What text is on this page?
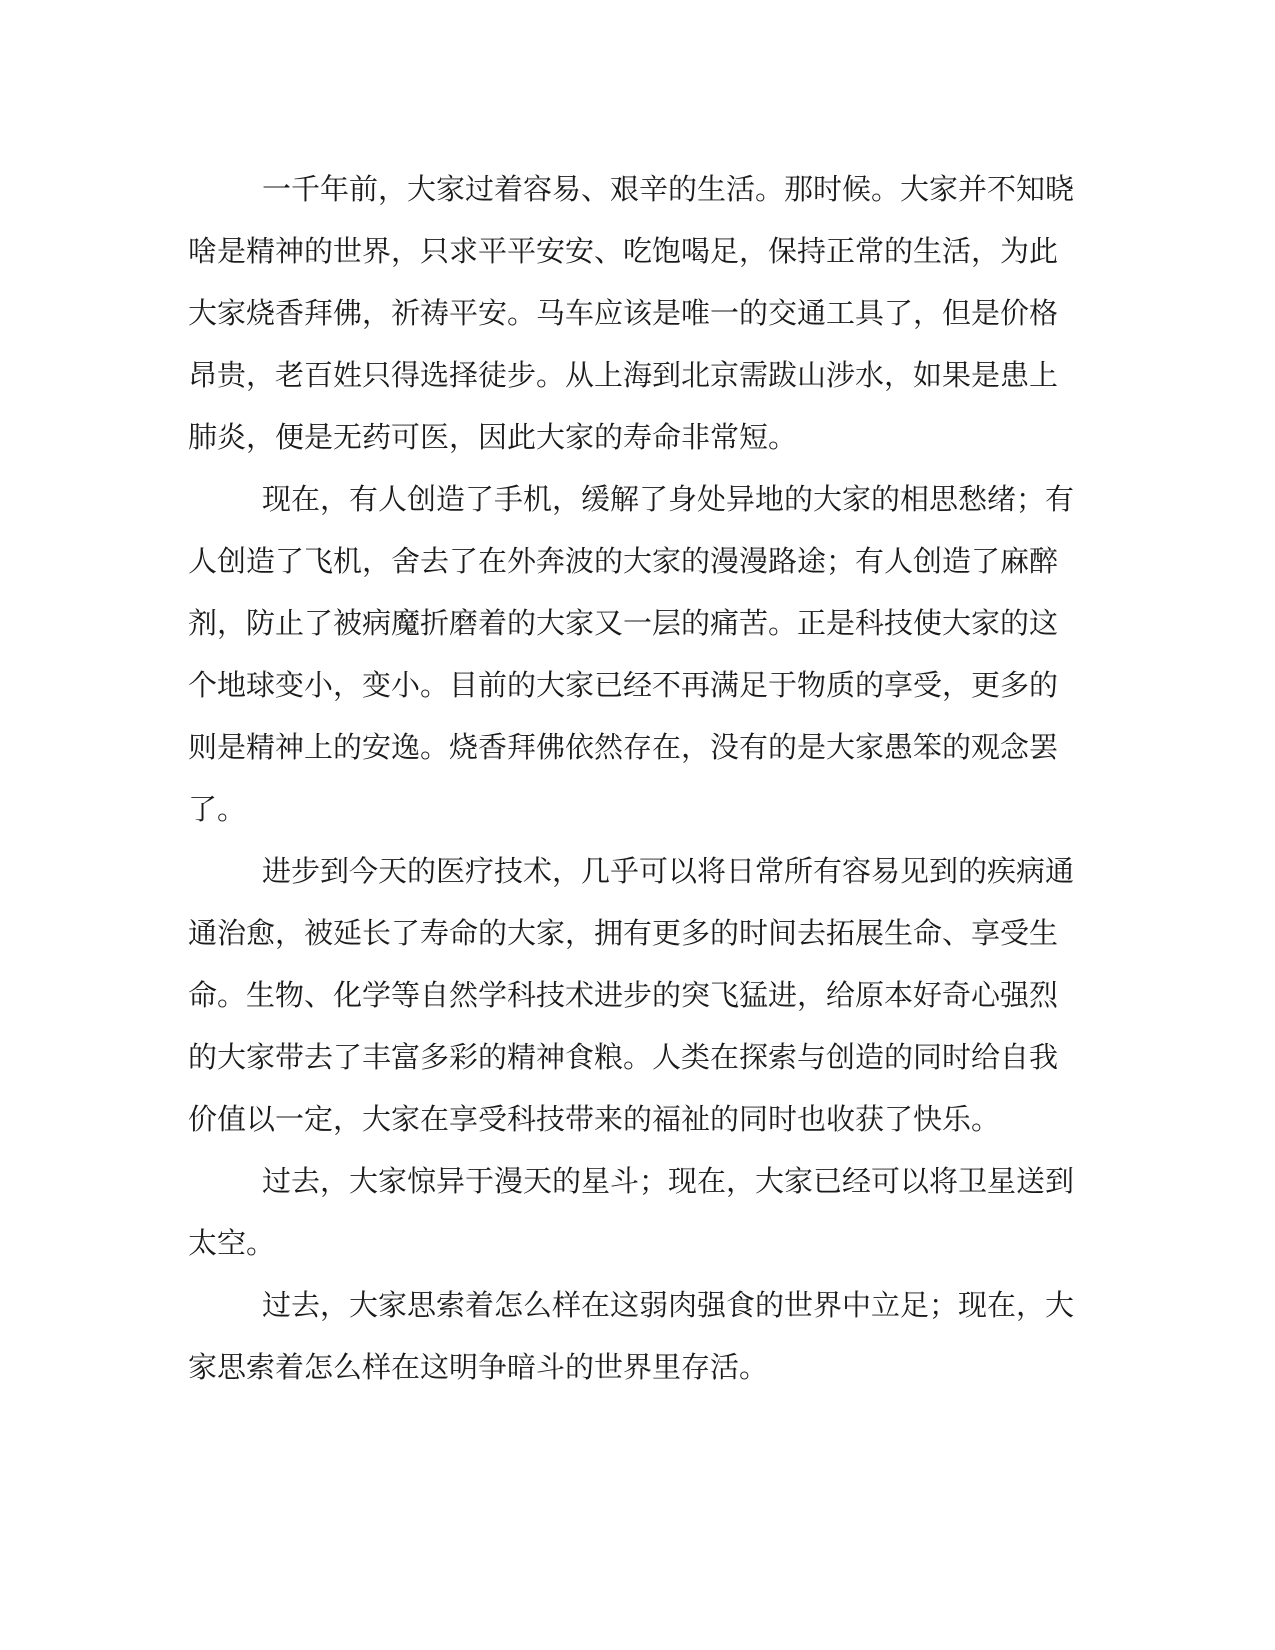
一千年前，大家过着容易、艰辛的生活。那时候。大家并不知晓啥是精神的世界，只求平平安安、吃饱喝足，保持正常的生活，为此大家烧香拜佛，祈祷平安。马车应该是唯一的交通工具了，但是价格昂贵，老百姓只得选择徒步。从上海到北京需跋山涉水，如果是患上肺炎，便是无药可医，因此大家的寿命非常短。

现在，有人创造了手机，缓解了身处异地的大家的相思愁绪；有人创造了飞机，舍去了在外奔波的大家的漫漫路途；有人创造了麻醉剂，防止了被病魔折磨着的大家又一层的痛苦。正是科技使大家的这个地球变小，变小。目前的大家已经不再满足于物质的享受，更多的则是精神上的安逸。烧香拜佛依然存在，没有的是大家愚笨的观念罢了。

进步到今天的医疗技术，几乎可以将日常所有容易见到的疾病通通治愈，被延长了寿命的大家，拥有更多的时间去拓展生命、享受生命。生物、化学等自然学科技术进步的突飞猛进，给原本好奇心强烈的大家带去了丰富多彩的精神食粮。人类在探索与创造的同时给自我价值以一定，大家在享受科技带来的福祉的同时也收获了快乐。

过去，大家惊异于漫天的星斗；现在，大家已经可以将卫星送到太空。

过去，大家思索着怎么样在这弱肉强食的世界中立足；现在，大家思索着怎么样在这明争暗斗的世界里存活。
